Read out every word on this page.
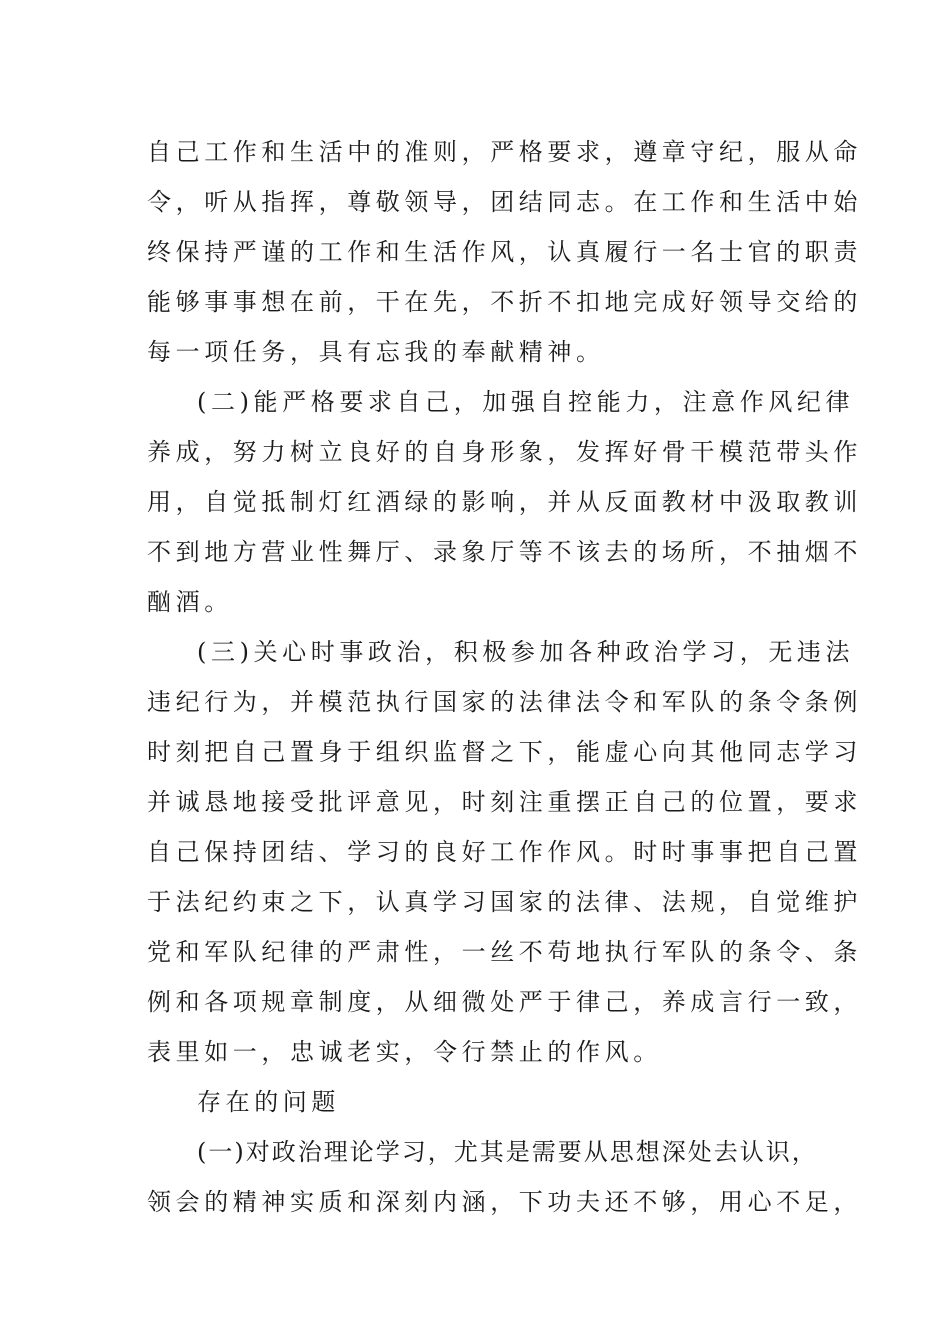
自己工作和生活中的准则，严格要求，遵章守纪，服从命
令，听从指挥，尊敬领导，团结同志。在工作和生活中始
终保持严谨的工作和生活作风，认真履行一名士官的职责
能够事事想在前，干在先，不折不扣地完成好领导交给的
每一项任务，具有忘我的奉献精神。
(二)能严格要求自己，加强自控能力，注意作风纪律
养成，努力树立良好的自身形象，发挥好骨干模范带头作
用，自觉抵制灯红酒绿的影响，并从反面教材中汲取教训
不到地方营业性舞厅、录象厅等不该去的场所，不抽烟不
酗酒。
(三)关心时事政治，积极参加各种政治学习，无违法
违纪行为，并模范执行国家的法律法令和军队的条令条例
时刻把自己置身于组织监督之下，能虚心向其他同志学习
并诚恳地接受批评意见，时刻注重摆正自己的位置，要求
自己保持团结、学习的良好工作作风。时时事事把自己置
于法纪约束之下，认真学习国家的法律、法规，自觉维护
党和军队纪律的严肃性，一丝不苟地执行军队的条令、条
例和各项规章制度，从细微处严于律己，养成言行一致，
表里如一，忠诚老实，令行禁止的作风。
存在的问题
(一)对政治理论学习，尤其是需要从思想深处去认识，
领会的精神实质和深刻内涵，下功夫还不够，用心不足，
